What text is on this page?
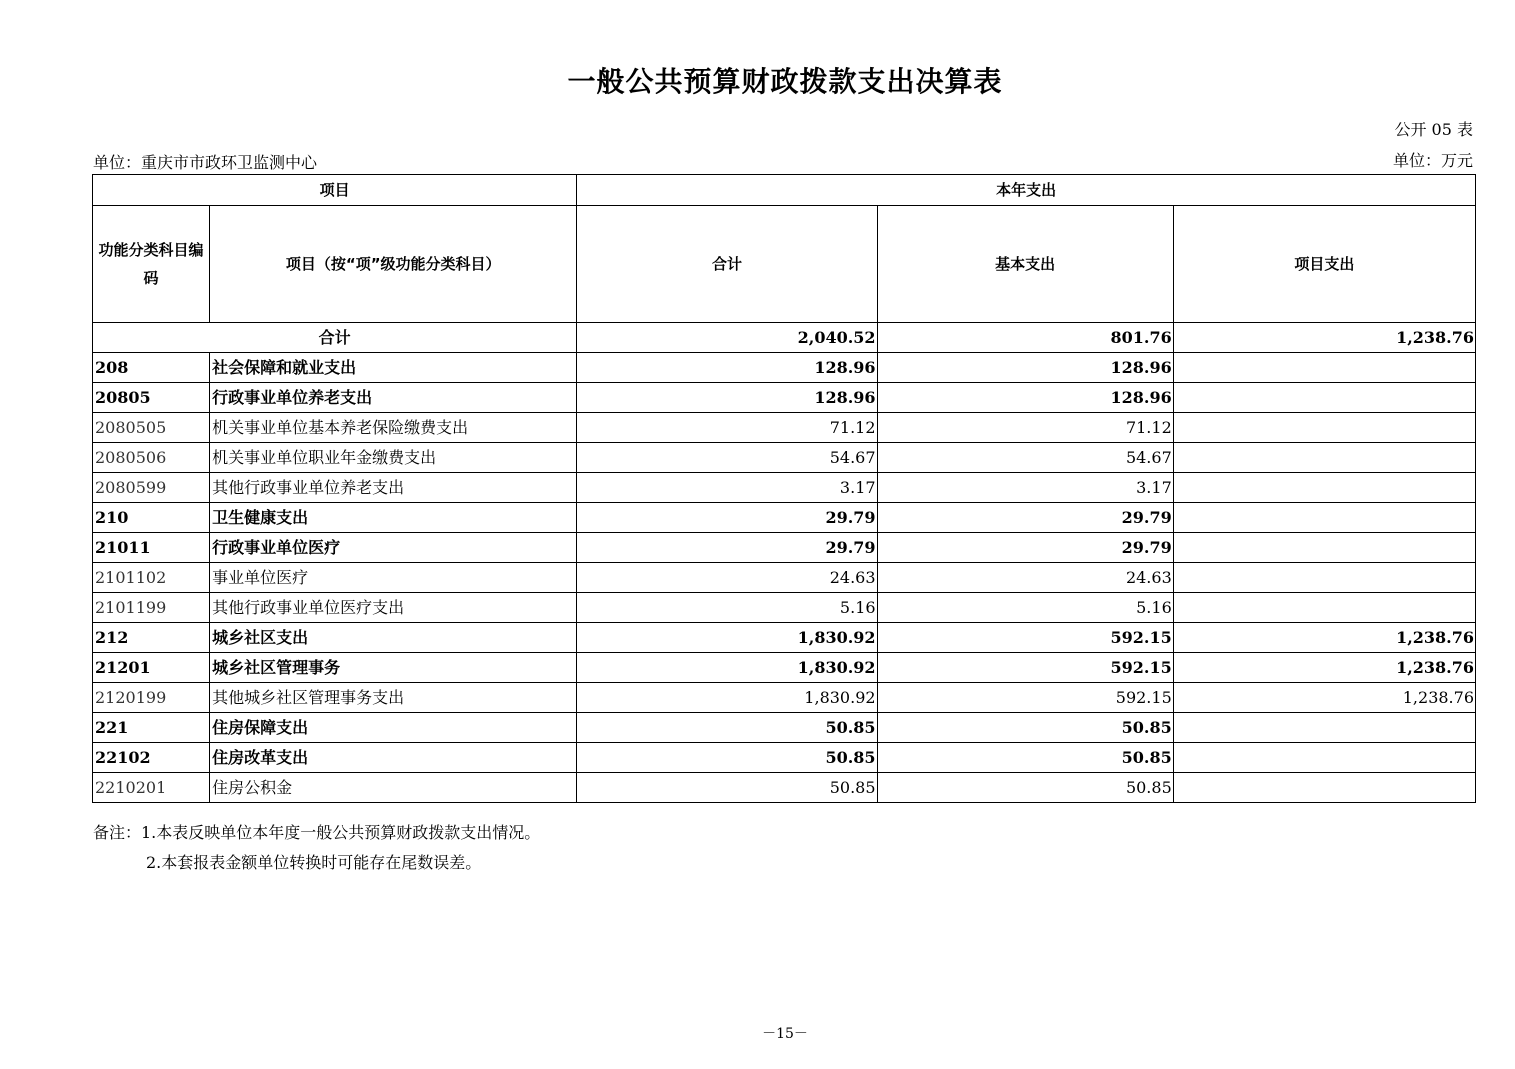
一般公共预算财政拨款支出决算表
公开 05 表
单位：重庆市市政环卫监测中心	单位：万元
项目		本年支出		
功能分类科目编码	项目（按“项”级功能分类科目）	合计	基本支出	项目支出
合计		2,040.52	801.76	1,238.76
208	社会保障和就业支出	128.96	128.96	
20805	行政事业单位养老支出	128.96	128.96	
2080505	机关事业单位基本养老保险缴费支出	71.12	71.12	
2080506	机关事业单位职业年金缴费支出	54.67	54.67	
2080599	其他行政事业单位养老支出	3.17	3.17	
210	卫生健康支出	29.79	29.79	
21011	行政事业单位医疗	29.79	29.79	
2101102	事业单位医疗	24.63	24.63	
2101199	其他行政事业单位医疗支出	5.16	5.16	
212	城乡社区支出	1,830.92	592.15	1,238.76
21201	城乡社区管理事务	1,830.92	592.15	1,238.76
2120199	其他城乡社区管理事务支出	1,830.92	592.15	1,238.76
221	住房保障支出	50.85	50.85	
22102	住房改革支出	50.85	50.85	
2210201	住房公积金	50.85	50.85	
备注：1.本表反映单位本年度一般公共预算财政拨款支出情况。
2.本套报表金额单位转换时可能存在尾数误差。
－15－
